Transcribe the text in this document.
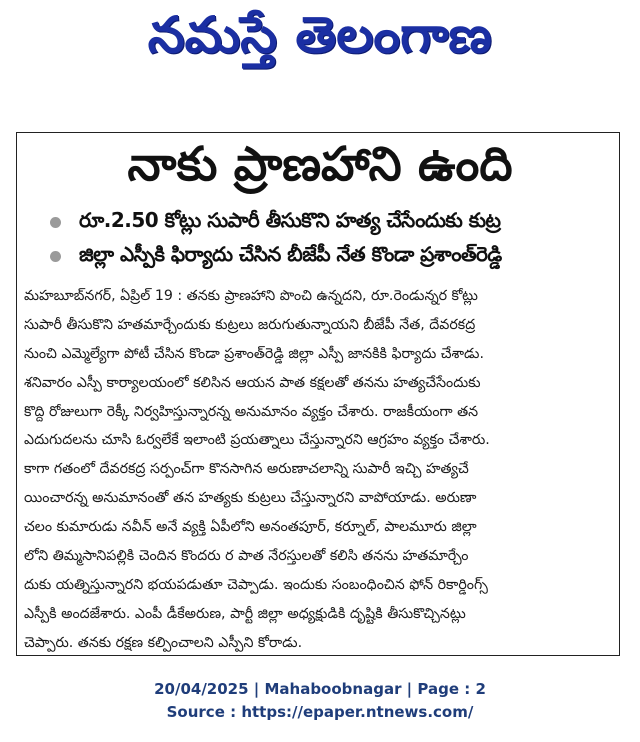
నమస్తే తెలంగాణ
నాకు ప్రాణహాని ఉంది
రూ.2.50 కోట్లు సుపారీ తీసుకొని హత్య చేసేందుకు కుట్ర
జిల్లా ఎస్పీకి ఫిర్యాదు చేసిన బీజేపీ నేత కొండా ప్రశాంత్‌రెడ్డి
మహబూబ్‌నగర్, ఏప్రిల్ 19 : తనకు ప్రాణహాని పొంచి ఉన్నదని, రూ.రెండున్నర కోట్లు
సుపారీ తీసుకొని హతమార్చేందుకు కుట్రలు జరుగుతున్నాయని బీజేపీ నేత, దేవరకద్ర
నుంచి ఎమ్మెల్యేగా పోటీ చేసిన కొండా ప్రశాంత్‌రెడ్డి జిల్లా ఎస్పీ జానకికి ఫిర్యాదు చేశాడు.
శనివారం ఎస్పీ కార్యాలయంలో కలిసిన ఆయన పాత కక్షలతో తనను హత్యచేసేందుకు
కొద్ది రోజులుగా రెక్కీ నిర్వహిస్తున్నారన్న అనుమానం వ్యక్తం చేశారు. రాజకీయంగా తన
ఎదుగుదలను చూసి ఓర్వలేకే ఇలాంటి ప్రయత్నాలు చేస్తున్నారని ఆగ్రహం వ్యక్తం చేశారు.
కాగా గతంలో దేవరకద్ర సర్పంచ్‌గా కొనసాగిన అరుణాచలాన్ని సుపారీ ఇచ్చి హత్యచే
యించారన్న అనుమానంతో తన హత్యకు కుట్రలు చేస్తున్నారని వాపోయాడు. అరుణా
చలం కుమారుడు నవీన్ అనే వ్యక్తి ఏపీలోని అనంతపూర్, కర్నూల్, పాలమూరు జిల్లా
లోని తిమ్మసానిపల్లికి చెందిన కొందరు ర పాత నేరస్తులతో కలిసి తనను హతమార్చేం
దుకు యత్నిస్తున్నారని భయపడుతూ చెప్పాడు. ఇందుకు సంబంధించిన ఫోన్ రికార్డింగ్స్
ఎస్పీకి అందజేశారు. ఎంపీ డీకేఅరుణ, పార్టీ జిల్లా అధ్యక్షుడికి దృష్టికి తీసుకొచ్చినట్లు
చెప్పారు. తనకు రక్షణ కల్పించాలని ఎస్పీని కోరాడు.
20/04/2025 | Mahaboobnagar | Page : 2
Source : https://epaper.ntnews.com/
